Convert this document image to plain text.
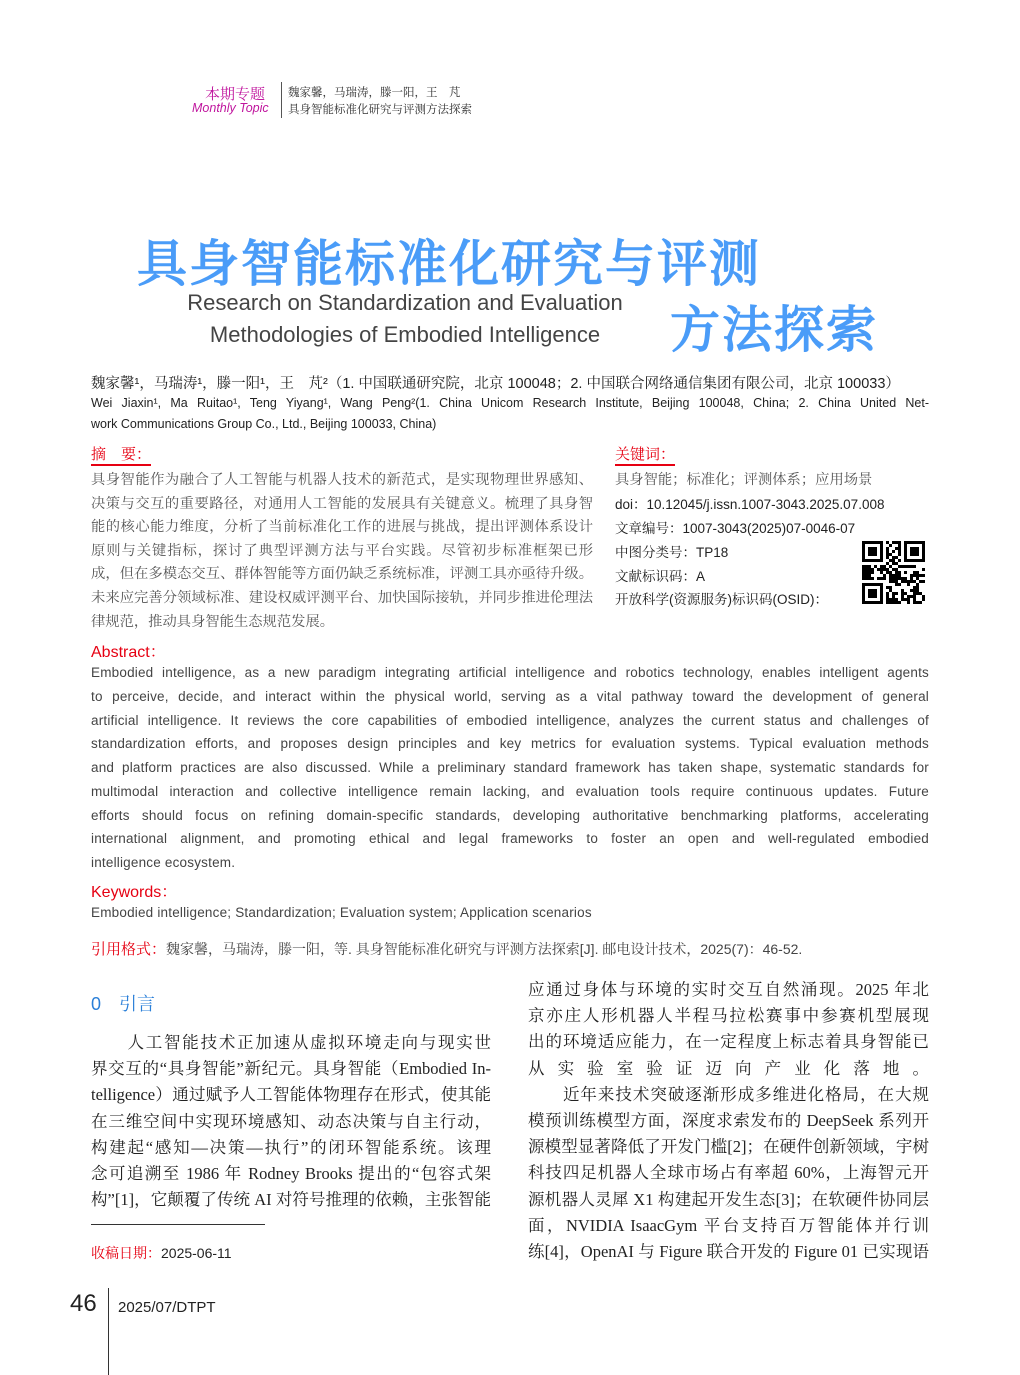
本期专题
Monthly Topic
魏家馨，马瑞涛，滕一阳，王　芃
具身智能标准化研究与评测方法探索
具身智能标准化研究与评测
方法探索
Research on Standardization and Evaluation
Methodologies of Embodied Intelligence
魏家馨¹，马瑞涛¹，滕一阳¹，王　芃²（1. 中国联通研究院，北京 100048；2. 中国联合网络通信集团有限公司，北京 100033）
Wei Jiaxin¹, Ma Ruitao¹, Teng Yiyang¹, Wang Peng²(1. China Unicom Research Institute, Beijing 100048, China; 2. China United Net-
work Communications Group Co., Ltd., Beijing 100033, China)
摘　要：
具身智能作为融合了人工智能与机器人技术的新范式，是实现物理世界感知、
决策与交互的重要路径，对通用人工智能的发展具有关键意义。梳理了具身智
能的核心能力维度，分析了当前标准化工作的进展与挑战，提出评测体系设计
原则与关键指标，探讨了典型评测方法与平台实践。尽管初步标准框架已形
成，但在多模态交互、群体智能等方面仍缺乏系统标准，评测工具亦亟待升级。
未来应完善分领域标准、建设权威评测平台、加快国际接轨，并同步推进伦理法
律规范，推动具身智能生态规范发展。
关键词：
具身智能；标准化；评测体系；应用场景
doi：10.12045/j.issn.1007-3043.2025.07.008
文章编号：1007-3043(2025)07-0046-07
中图分类号：TP18
文献标识码：A
开放科学(资源服务)标识码(OSID)：
Abstract：
Embodied intelligence, as a new paradigm integrating artificial intelligence and robotics technology, enables intelligent agents
to perceive, decide, and interact within the physical world, serving as a vital pathway toward the development of general
artificial intelligence. It reviews the core capabilities of embodied intelligence, analyzes the current status and challenges of
standardization efforts, and proposes design principles and key metrics for evaluation systems. Typical evaluation methods
and platform practices are also discussed. While a preliminary standard framework has taken shape, systematic standards for
multimodal interaction and collective intelligence remain lacking, and evaluation tools require continuous updates. Future
efforts should focus on refining domain-specific standards, developing authoritative benchmarking platforms, accelerating
international alignment, and promoting ethical and legal frameworks to foster an open and well-regulated embodied
intelligence ecosystem.
Keywords：
Embodied intelligence; Standardization; Evaluation system; Application scenarios
引用格式：魏家馨，马瑞涛，滕一阳，等. 具身智能标准化研究与评测方法探索[J]. 邮电设计技术，2025(7)：46-52.
0　引言
　　人工智能技术正加速从虚拟环境走向与现实世
界交互的“具身智能”新纪元。具身智能（Embodied In-
telligence）通过赋予人工智能体物理存在形式，使其能
在三维空间中实现环境感知、动态决策与自主行动，
构建起“感知—决策—执行”的闭环智能系统。该理
念可追溯至 1986 年 Rodney Brooks 提出的“包容式架
构”[1]，它颠覆了传统 AI 对符号推理的依赖，主张智能
应通过身体与环境的实时交互自然涌现。2025 年北
京亦庄人形机器人半程马拉松赛事中参赛机型展现
出的环境适应能力，在一定程度上标志着具身智能已
从实验室验证迈向产业化落地。
　　近年来技术突破逐渐形成多维进化格局，在大规
模预训练模型方面，深度求索发布的 DeepSeek 系列开
源模型显著降低了开发门槛[2]；在硬件创新领域，宇树
科技四足机器人全球市场占有率超 60%，上海智元开
源机器人灵犀 X1 构建起开发生态[3]；在软硬件协同层
面，NVIDIA IsaacGym 平台支持百万智能体并行训
练[4]，OpenAI 与 Figure 联合开发的 Figure 01 已实现语
收稿日期：2025-06-11
46 2025/07/DTPT
